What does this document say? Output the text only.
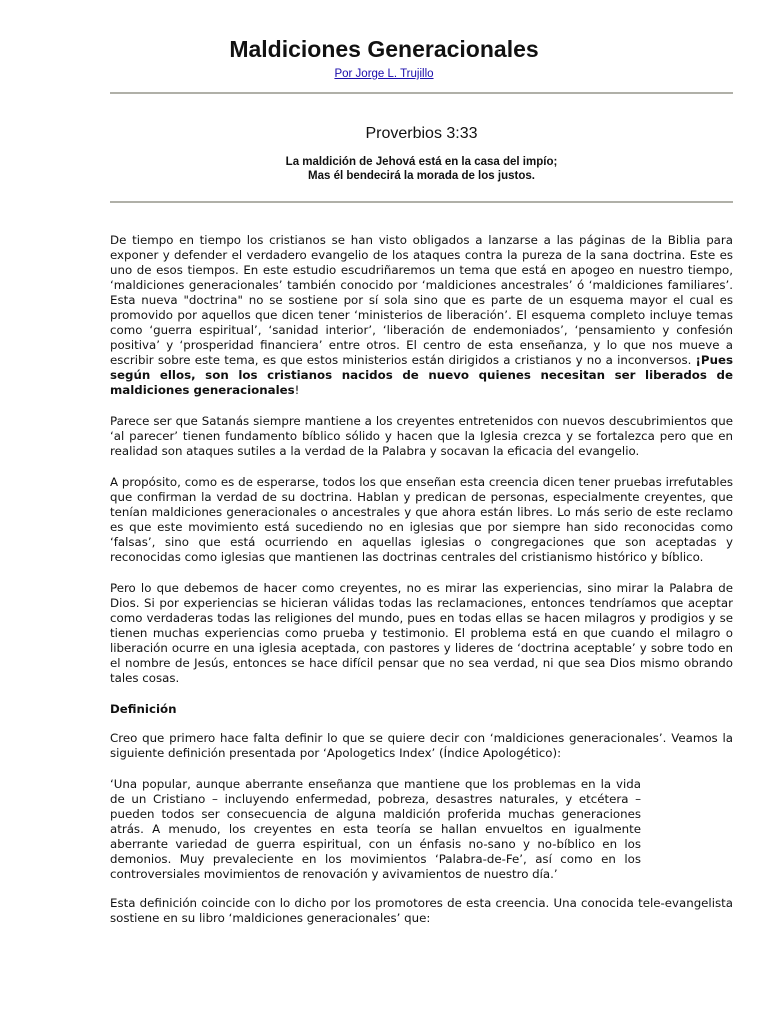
Maldiciones Generacionales
Por Jorge L. Trujillo
Proverbios 3:33
La maldición de Jehová está en la casa del impío;
Mas él bendecirá la morada de los justos.

De tiempo en tiempo los cristianos se han visto obligados a lanzarse a las páginas de la Biblia para exponer y defender el verdadero evangelio de los ataques contra la pureza de la sana doctrina. Este es uno de esos tiempos. En este estudio escudriñaremos un tema que está en apogeo en nuestro tiempo, ‘maldiciones generacionales’ también conocido por ‘maldiciones ancestrales’ ó ‘maldiciones familiares’. Esta nueva "doctrina" no se sostiene por sí sola sino que es parte de un esquema mayor el cual es promovido por aquellos que dicen tener ‘ministerios de liberación’. El esquema completo incluye temas como ‘guerra espiritual’, ‘sanidad interior’, ‘liberación de endemoniados’, ‘pensamiento y confesión positiva’ y ‘prosperidad financiera’ entre otros. El centro de esta enseñanza, y lo que nos mueve a escribir sobre este tema, es que estos ministerios están dirigidos a cristianos y no a inconversos. ¡Pues según ellos, son los cristianos nacidos de nuevo quienes necesitan ser liberados de maldiciones generacionales!

Parece ser que Satanás siempre mantiene a los creyentes entretenidos con nuevos descubrimientos que ‘al parecer’ tienen fundamento bíblico sólido y hacen que la Iglesia crezca y se fortalezca pero que en realidad son ataques sutiles a la verdad de la Palabra y socavan la eficacia del evangelio.

A propósito, como es de esperarse, todos los que enseñan esta creencia dicen tener pruebas irrefutables que confirman la verdad de su doctrina. Hablan y predican de personas, especialmente creyentes, que tenían maldiciones generacionales o ancestrales y que ahora están libres. Lo más serio de este reclamo es que este movimiento está sucediendo no en iglesias que por siempre han sido reconocidas como ‘falsas’, sino que está ocurriendo en aquellas iglesias o congregaciones que son aceptadas y reconocidas como iglesias que mantienen las doctrinas centrales del cristianismo histórico y bíblico.

Pero lo que debemos de hacer como creyentes, no es mirar las experiencias, sino mirar la Palabra de Dios. Si por experiencias se hicieran válidas todas las reclamaciones, entonces tendríamos que aceptar como verdaderas todas las religiones del mundo, pues en todas ellas se hacen milagros y prodigios y se tienen muchas experiencias como prueba y testimonio. El problema está en que cuando el milagro o liberación ocurre en una iglesia aceptada, con pastores y lideres de ‘doctrina aceptable’ y sobre todo en el nombre de Jesús, entonces se hace difícil pensar que no sea verdad, ni que sea Dios mismo obrando tales cosas.

Definición

Creo que primero hace falta definir lo que se quiere decir con ‘maldiciones generacionales’. Veamos la siguiente definición presentada por ‘Apologetics Index’ (Índice Apologético):

‘Una popular, aunque aberrante enseñanza que mantiene que los problemas en la vida de un Cristiano – incluyendo enfermedad, pobreza, desastres naturales, y etcétera – pueden todos ser consecuencia de alguna maldición proferida muchas generaciones atrás. A menudo, los creyentes en esta teoría se hallan envueltos en igualmente aberrante variedad de guerra espiritual, con un énfasis no-sano y no-bíblico en los demonios. Muy prevaleciente en los movimientos ‘Palabra-de-Fe’, así como en los controversiales movimientos de renovación y avivamientos de nuestro día.’

Esta definición coincide con lo dicho por los promotores de esta creencia. Una conocida tele-evangelista sostiene en su libro ‘maldiciones generacionales’ que:
